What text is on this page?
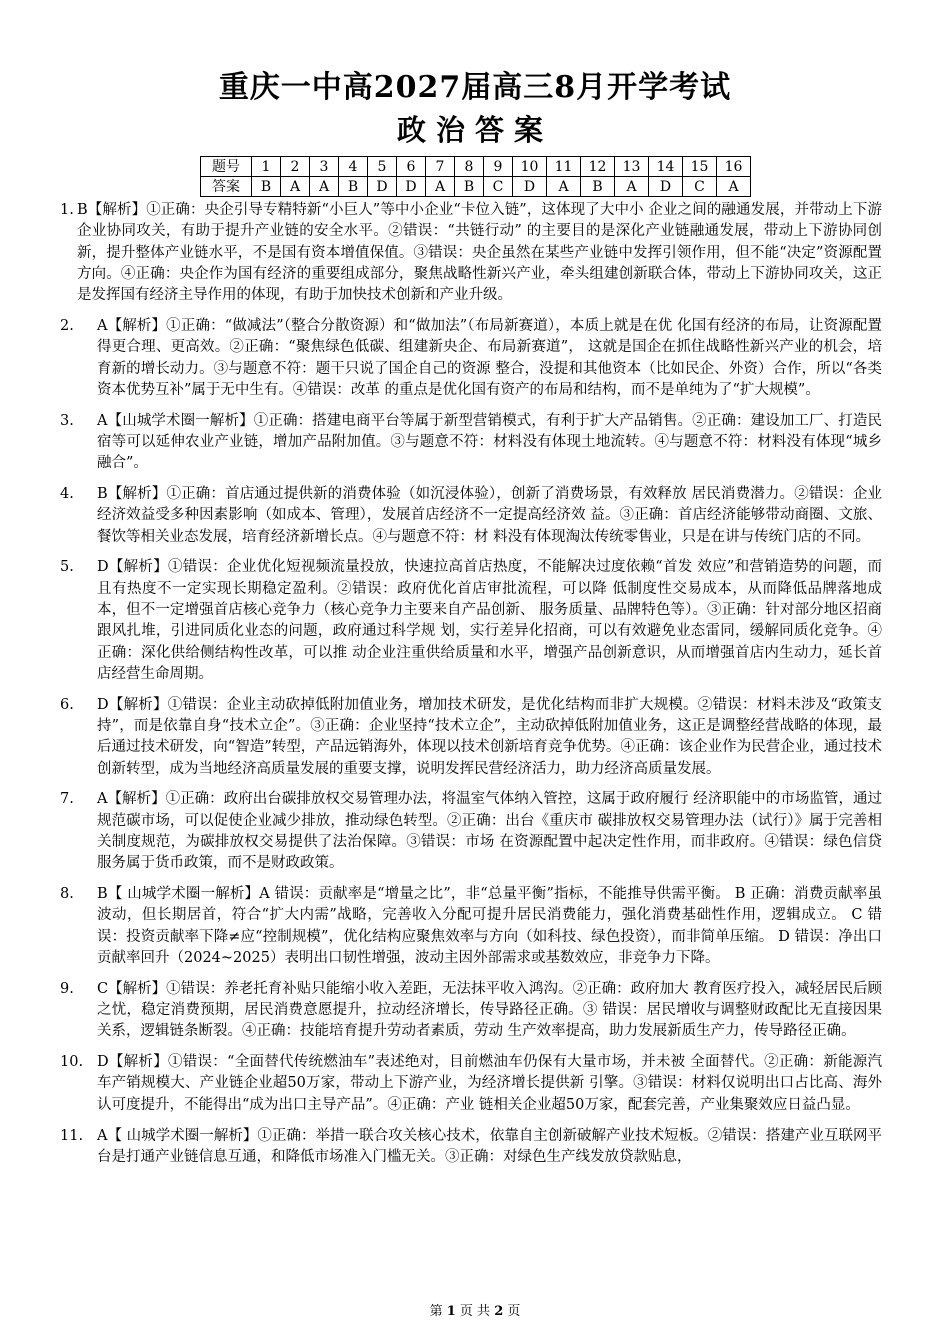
重庆一中高2027届高三8月开学考试
政治答案
题号	1	2	3	4	5	6	7	8	9	10	11	12	13	14	15	16
答案	B	A	A	B	D	D	A	B	C	D	A	B	A	D	C	A
1. B【解析】①正确：央企引导专精特新“小巨人”等中小企业“卡位入链”，这体现了大中小 企业之间的融通发展，并带动上下游企业协同攻关，有助于提升产业链的安全水平。②错误：“共链行动” 的主要目的是深化产业链融通发展，带动上下游协同创新，提升整体产业链水平，不是国有资本增值保值。③错误：央企虽然在某些产业链中发挥引领作用，但不能“决定”资源配置方向。④正确：央企作为国有经济的重要组成部分，聚焦战略性新兴产业，牵头组建创新联合体，带动上下游协同攻关，这正是发挥国有经济主导作用的体现，有助于加快技术创新和产业升级。
2.	A【解析】①正确：“做减法”（整合分散资源）和“做加法”（布局新赛道），本质上就是在优 化国有经济的布局，让资源配置得更合理、更高效。②正确：“聚焦绿色低碳、组建新央企、布局新赛道”， 这就是国企在抓住战略性新兴产业的机会，培育新的增长动力。③与题意不符：题干只说了国企自己的资源 整合，没提和其他资本（比如民企、外资）合作，所以“各类资本优势互补”属于无中生有。④错误：改革 的重点是优化国有资产的布局和结构，而不是单纯为了“扩大规模”。
3.	A【山城学术圈一解析】①正确：搭建电商平台等属于新型营销模式，有利于扩大产品销售。②正确：建设加工厂、打造民宿等可以延伸农业产业链，增加产品附加值。③与题意不符：材料没有体现土地流转。④与题意不符：材料没有体现“城乡融合”。
4.	B【解析】①正确：首店通过提供新的消费体验（如沉浸体验），创新了消费场景，有效释放 居民消费潜力。②错误：企业经济效益受多种因素影响（如成本、管理），发展首店经济不一定提高经济效 益。③正确：首店经济能够带动商圈、文旅、餐饮等相关业态发展，培育经济新增长点。④与题意不符：材 料没有体现淘汰传统零售业，只是在讲与传统门店的不同。
5.	D【解析】①错误：企业优化短视频流量投放，快速拉高首店热度，不能解决过度依赖“首发 效应”和营销造势的问题，而且有热度不一定实现长期稳定盈利。②错误：政府优化首店审批流程，可以降 低制度性交易成本，从而降低品牌落地成本，但不一定增强首店核心竞争力（核心竞争力主要来自产品创新、 服务质量、品牌特色等）。③正确：针对部分地区招商跟风扎堆，引进同质化业态的问题，政府通过科学规 划，实行差异化招商，可以有效避免业态雷同，缓解同质化竞争。④正确：深化供给侧结构性改革，可以推 动企业注重供给质量和水平，增强产品创新意识，从而增强首店内生动力，延长首店经营生命周期。
6.	D【解析】①错误：企业主动砍掉低附加值业务，增加技术研发，是优化结构而非扩大规模。②错误：材料未涉及“政策支持”，而是依靠自身“技术立企”。③正确：企业坚持“技术立企”，主动砍掉低附加值业务，这正是调整经营战略的体现，最后通过技术研发，向“智造”转型，产品远销海外，体现以技术创新培育竞争优势。④正确：该企业作为民营企业，通过技术创新转型，成为当地经济高质量发展的重要支撑，说明发挥民营经济活力，助力经济高质量发展。
7.	A【解析】①正确：政府出台碳排放权交易管理办法，将温室气体纳入管控，这属于政府履行 经济职能中的市场监管，通过规范碳市场，可以促使企业减少排放，推动绿色转型。②正确：出台《重庆市 碳排放权交易管理办法（试行）》属于完善相关制度规范，为碳排放权交易提供了法治保障。③错误：市场 在资源配置中起决定性作用，而非政府。④错误：绿色信贷服务属于货币政策，而不是财政政策。
8.	B【 山城学术圈一解析】A 错误：贡献率是“增量之比”，非“总量平衡”指标，不能推导供需平衡。 B 正确：消费贡献率虽波动，但长期居首，符合“扩大内需”战略，完善收入分配可提升居民消费能力，强化消费基础性作用，逻辑成立。 C 错误：投资贡献率下降≠应“控制规模”，优化结构应聚焦效率与方向（如科技、绿色投资），而非简单压缩。 D 错误：净出口贡献率回升（2024~2025）表明出口韧性增强，波动主因外部需求或基数效应，非竞争力下降。
9.	C【解析】①错误：养老托育补贴只能缩小收入差距，无法抹平收入鸿沟。②正确：政府加大 教育医疗投入，减轻居民后顾之忧，稳定消费预期，居民消费意愿提升，拉动经济增长，传导路径正确。③ 错误：居民增收与调整财政配比无直接因果关系，逻辑链条断裂。④正确：技能培育提升劳动者素质，劳动 生产效率提高，助力发展新质生产力，传导路径正确。
10. D【解析】①错误：“全面替代传统燃油车”表述绝对，目前燃油车仍保有大量市场，并未被 全面替代。②正确：新能源汽车产销规模大、产业链企业超50万家，带动上下游产业，为经济增长提供新 引擎。③错误：材料仅说明出口占比高、海外认可度提升，不能得出“成为出口主导产品”。④正确：产业 链相关企业超50万家，配套完善，产业集聚效应日益凸显。
11. A【 山城学术圈一解析】①正确：举措一联合攻关核心技术，依靠自主创新破解产业技术短板。②错误：搭建产业互联网平台是打通产业链信息互通，和降低市场准入门槛无关。③正确：对绿色生产线发放贷款贴息，
第 1 页 共 2 页
